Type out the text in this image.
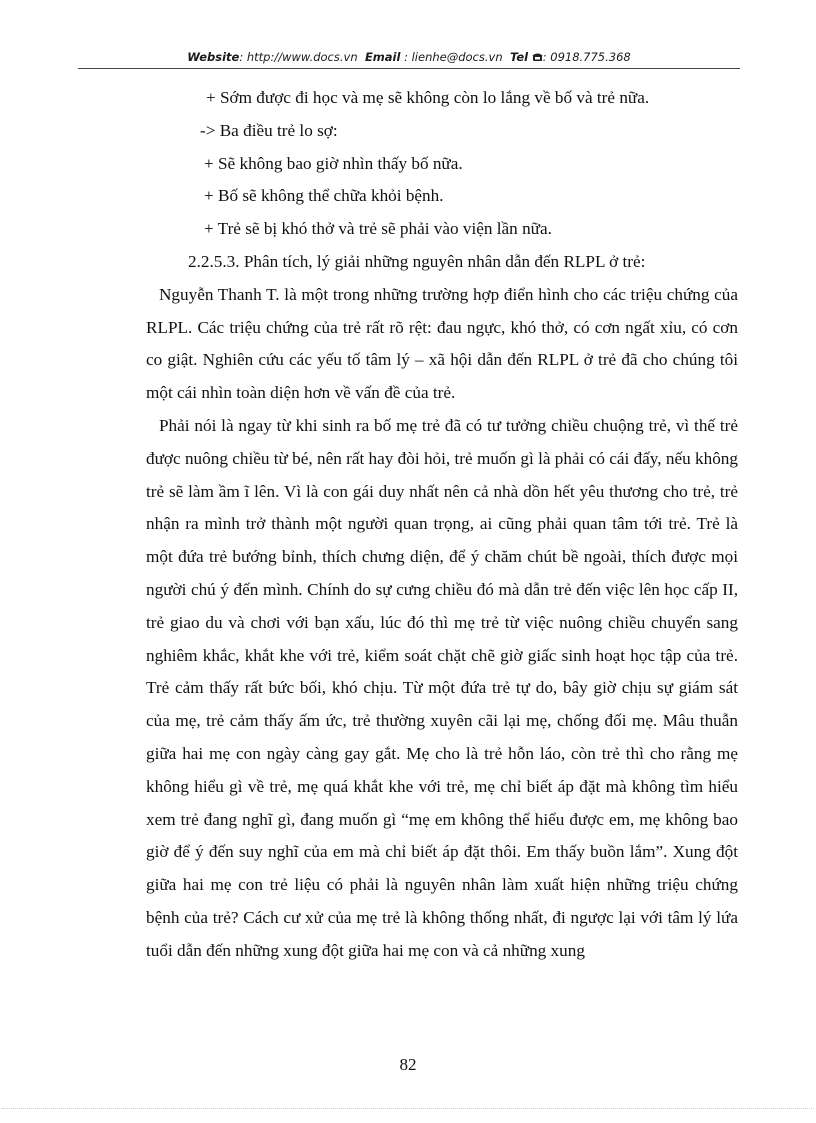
Website: http://www.docs.vn Email : lienhe@docs.vn Tel : 0918.775.368
+ Sớm được đi học và mẹ sẽ không còn lo lắng về bố và trẻ nữa.
-> Ba điều trẻ lo sợ:
+ Sẽ không bao giờ nhìn thấy bố nữa.
+ Bố sẽ không thể chữa khỏi bệnh.
+ Trẻ sẽ bị khó thở và trẻ sẽ phải vào viện lần nữa.
2.2.5.3. Phân tích, lý giải những nguyên nhân dẫn đến RLPL ở trẻ:

Nguyễn Thanh T. là một trong những trường hợp điển hình cho các triệu chứng của RLPL. Các triệu chứng của trẻ rất rõ rệt: đau ngực, khó thở, có cơn ngất xỉu, có cơn co giật. Nghiên cứu các yếu tố tâm lý – xã hội dẫn đến RLPL ở trẻ đã cho chúng tôi một cái nhìn toàn diện hơn về vấn đề của trẻ.

Phải nói là ngay từ khi sinh ra bố mẹ trẻ đã có tư tưởng chiều chuộng trẻ, vì thế trẻ được nuông chiều từ bé, nên rất hay đòi hỏi, trẻ muốn gì là phải có cái đấy, nếu không trẻ sẽ làm ầm ĩ lên. Vì là con gái duy nhất nên cả nhà dồn hết yêu thương cho trẻ, trẻ nhận ra mình trở thành một người quan trọng, ai cũng phải quan tâm tới trẻ. Trẻ là một đứa trẻ bướng bỉnh, thích chưng diện, để ý chăm chút bề ngoài, thích được mọi người chú ý đến mình. Chính do sự cưng chiều đó mà dẫn trẻ đến việc lên học cấp II, trẻ giao du và chơi với bạn xấu, lúc đó thì mẹ trẻ từ việc nuông chiều chuyển sang nghiêm khắc, khắt khe với trẻ, kiểm soát chặt chẽ giờ giấc sinh hoạt học tập của trẻ. Trẻ cảm thấy rất bức bối, khó chịu. Từ một đứa trẻ tự do, bây giờ chịu sự giám sát của mẹ, trẻ cảm thấy ấm ức, trẻ thường xuyên cãi lại mẹ, chống đối mẹ. Mâu thuẫn giữa hai mẹ con ngày càng gay gắt. Mẹ cho là trẻ hỗn láo, còn trẻ thì cho rằng mẹ không hiểu gì về trẻ, mẹ quá khắt khe với trẻ, mẹ chỉ biết áp đặt mà không tìm hiểu xem trẻ đang nghĩ gì, đang muốn gì “mẹ em không thể hiểu được em, mẹ không bao giờ để ý đến suy nghĩ của em mà chỉ biết áp đặt thôi. Em thấy buồn lắm”. Xung đột giữa hai mẹ con trẻ liệu có phải là nguyên nhân làm xuất hiện những triệu chứng bệnh của trẻ? Cách cư xử của mẹ trẻ là không thống nhất, đi ngược lại với tâm lý lứa tuổi dẫn đến những xung đột giữa hai mẹ con và cả những xung

82
